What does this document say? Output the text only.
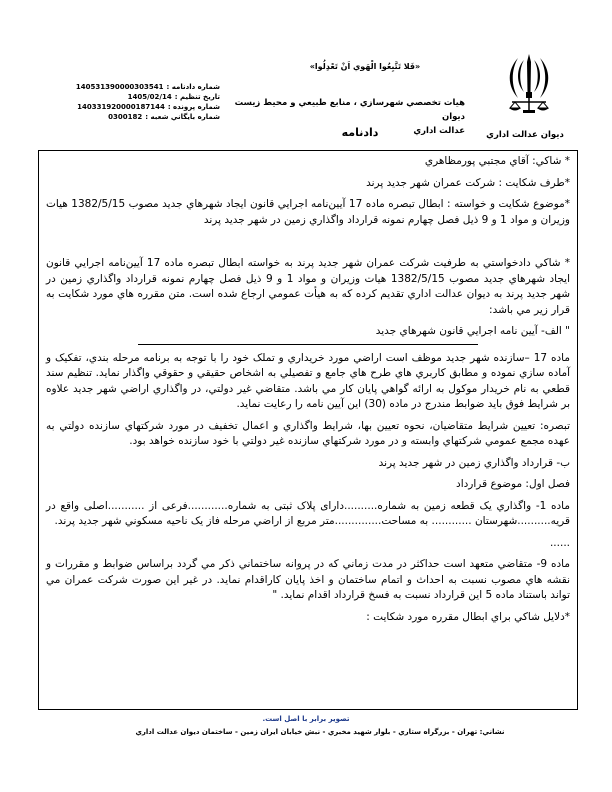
ديوان عدالت اداري
«فَلا تَتَّبِعُوا الْهَوي اَنْ تَعْدِلُوا»
هيات تخصصي شهرسازي ، منابع طبيعي و محيط زيست ديوان
عدالت اداري
دادنامه
شماره دادنامه :
140531390000303541
تاريخ تنظيم :
1405/02/14
شماره پرونده :
140331920000187144
شماره بايگاني شعبه :
0300182

* شاكي: آقاي مجتبي پورمظاهري

*طرف شكايت : شركت عمران شهر جديد پرند

*موضوع شكايت و خواسته : ابطال تبصره ماده 17 آيين‌نامه اجرايي قانون ايجاد شهرهاي جديد مصوب 1382/5/15 هيات وزيران و مواد 1 و 9 ذيل فصل چهارم نمونه قرارداد واگذاري زمين در شهر جديد پرند

* شاكي دادخواستي به طرفيت شركت عمران شهر جديد پرند به خواسته ابطال تبصره ماده 17 آيين‌نامه اجرايي قانون ايجاد شهرهاي جديد مصوب 1382/5/15 هيات وزيران و مواد 1 و 9 ذيل فصل چهارم نمونه قرارداد واگذاري زمين در شهر جديد پرند به ديوان عدالت اداري تقديم كرده كه به هيأت عمومي ارجاع شده است. متن مقرره هاي مورد شكايت به قرار زير مي باشد:

" الف- آيين نامه اجرايي قانون شهرهاي جديد

ماده 17 –سازنده شهر جديد موظف است اراضي مورد خريداري و تملک خود را با توجه به برنامه مرحله بندي، تفکيک و آماده سازي نموده و مطابق کاربري هاي طرح هاي جامع و تفصيلي به اشخاص حقيقي و حقوقي واگذار نمايد. تنظيم سند قطعي به نام خريدار موکول به ارائه گواهي پايان کار مي باشد. متقاضي غير دولتي، در واگذاري اراضي شهر جديد علاوه بر شرايط فوق بايد ضوابط مندرج در ماده (30) اين آيين نامه را رعايت نمايد.

تبصره: تعيين شرايط متقاضيان، نحوه تعيين بها، شرايط واگذاري و اعمال تخفيف در مورد شرکتهاي سازنده دولتي به عهده مجمع عمومي شرکتهاي وابسته و در مورد شرکتهاي سازنده غير دولتي با خود سازنده خواهد بود.

ب- قرارداد واگذاري زمين در شهر جديد پرند

فصل اول: موضوع قرارداد

ماده 1- واگذاري يک قطعه زمين به شماره..........دارای پلاک ثبتی به شماره............فرعی از ...........اصلی واقع در قريه..........شهرستان ............ به مساحت..............متر مربع از اراضي مرحله فاز يک ناحيه مسكوني شهر جديد پرند.

......

ماده 9- متقاضي متعهد است حداکثر در مدت زماني که در پروانه ساختماني ذکر مي گردد براساس ضوابط و مقررات و نقشه هاي مصوب نسبت به احداث و اتمام ساختمان و اخذ پايان کاراقدام نمايد. در غير اين صورت شرکت عمران مي تواند باستناد ماده 5 اين قرارداد نسبت به فسخ قرارداد اقدام نمايد. "

*دلايل شاكي براي ابطال مقرره مورد شكايت :

تصوير برابر با اصل است.
نشاني: تهران - بزرگراه ستاري - بلوار شهيد مخبري - نبش خيابان ايران زمين - ساختمان ديوان عدالت اداري
